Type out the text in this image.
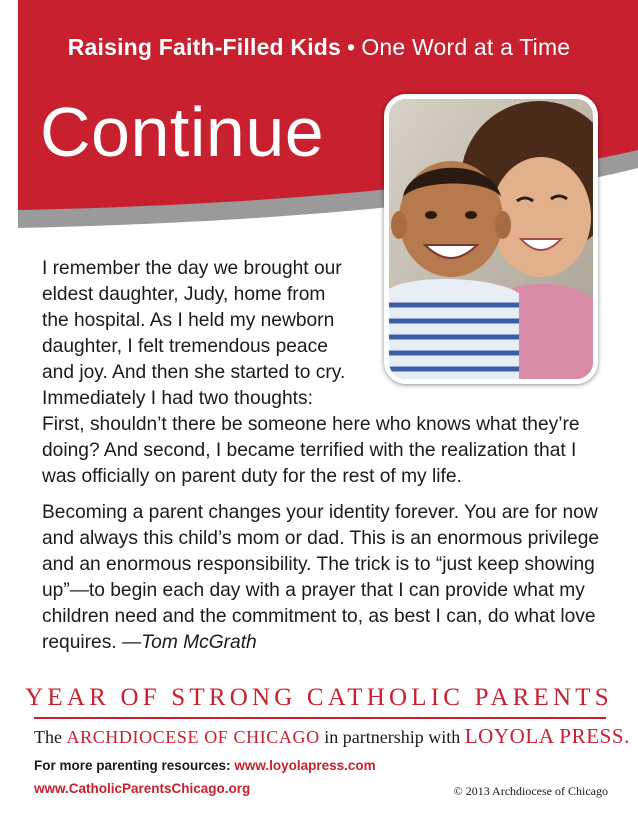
Raising Faith-Filled Kids • One Word at a Time
Continue
I remember the day we brought our
eldest daughter, Judy, home from
the hospital. As I held my newborn
daughter, I felt tremendous peace
and joy. And then she started to cry.
Immediately I had two thoughts:
First, shouldn’t there be someone here who knows what they’re doing? And second, I became terrified with the realization that I was officially on parent duty for the rest of my life.

Becoming a parent changes your identity forever. You are for now and always this child’s mom or dad. This is an enormous privilege and an enormous responsibility. The trick is to “just keep showing up”—to begin each day with a prayer that I can provide what my children need and the commitment to, as best I can, do what love requires. —Tom McGrath

YEAR OF STRONG CATHOLIC PARENTS
The ARCHDIOCESE OF CHICAGO in partnership with LOYOLA PRESS.
For more parenting resources: www.loyolapress.com
www.CatholicParentsChicago.org	© 2013 Archdiocese of Chicago
